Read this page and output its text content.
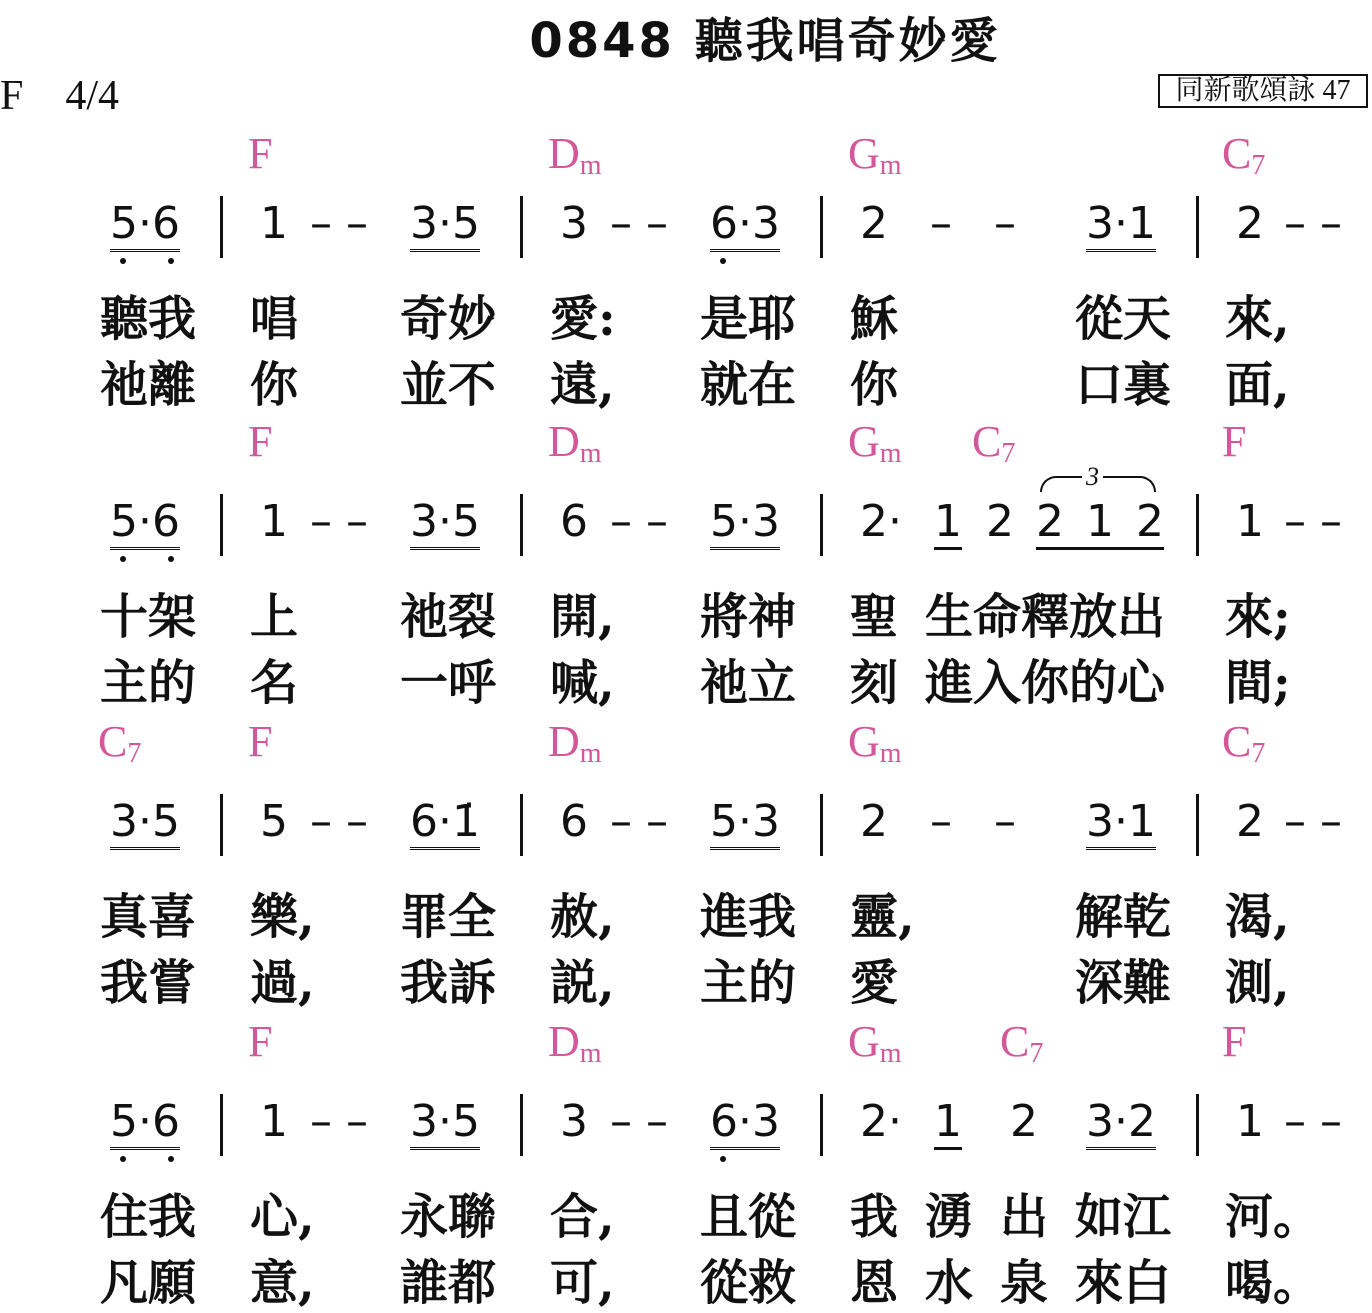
0848 聽我唱奇妙愛
F　4/4	同新歌頌詠 47
F	$D_m$	$G_m$	$C_7$
5·6 1 – – 3·5 3 – – 6·3 2 –   – 3·1 2 – –
聽我 唱 奇妙 愛: 是耶 穌	從天 來,
祂離 你 並不 遠, 就在 你	口裏 面,
F	$D_m$	$G_m$ $C_7$	F
3
5·6 1 – – 3·5 6 – – 5·3 2· 1 2 2 1 2 1 – –
十架 上 祂裂 開, 將神 聖 生命釋放出 來;
主的 名 一呼 喊, 祂立 刻 進入你的心 間;
$C_7$ F	$D_m$	$G_m$	$C_7$
3·5 5 – – 6·1̇ 6 – – 5·3 2 –   – 3·1 2 – –
真喜 樂, 罪全 赦, 進我 靈,	解乾 渴,
我嘗 過, 我訴 説, 主的 愛	深難 測,
F	$D_m$	$G_m$ $C_7$	F
5·6 1 – – 3·5 3 – – 6·3 2· 1 2 3·2 1 – –
住我 心, 永聯 合, 且從 我 湧 出 如江 河。
凡願 意, 誰都 可, 從救 恩 水 泉 來白 喝。
